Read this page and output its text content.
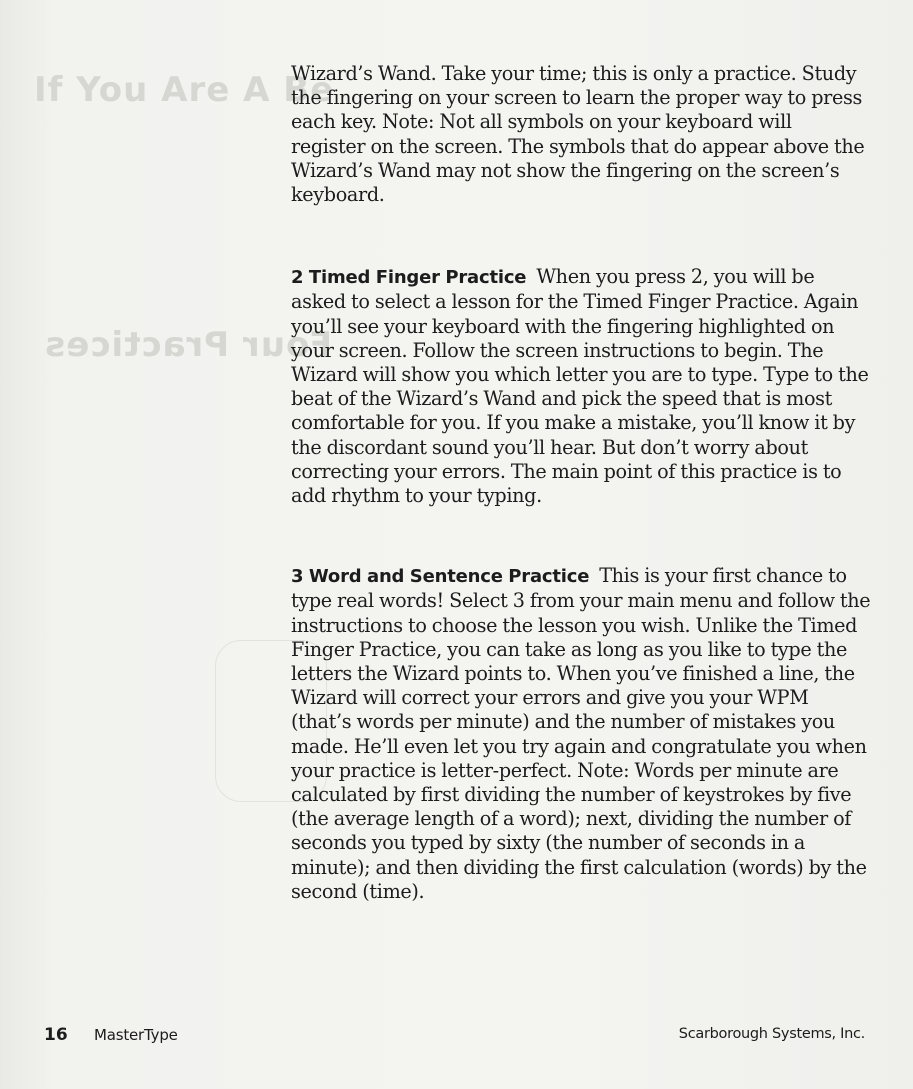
If You Are A Be
Four Practices

Wizard’s Wand. Take your time; this is only a practice. Study the fingering on your screen to learn the proper way to press each key. Note: Not all symbols on your keyboard will register on the screen. The symbols that do appear above the Wizard’s Wand may not show the fingering on the screen’s keyboard.

2 Timed Finger Practice When you press 2, you will be asked to select a lesson for the Timed Finger Practice. Again you’ll see your keyboard with the fingering highlighted on your screen. Follow the screen instructions to begin. The Wizard will show you which letter you are to type. Type to the beat of the Wizard’s Wand and pick the speed that is most comfortable for you. If you make a mistake, you’ll know it by the discordant sound you’ll hear. But don’t worry about correcting your errors. The main point of this practice is to add rhythm to your typing.

3 Word and Sentence Practice This is your first chance to type real words! Select 3 from your main menu and follow the instructions to choose the lesson you wish. Unlike the Timed Finger Practice, you can take as long as you like to type the letters the Wizard points to. When you’ve finished a line, the Wizard will correct your errors and give you your WPM (that’s words per minute) and the number of mistakes you made. He’ll even let you try again and congratulate you when your practice is letter-perfect. Note: Words per minute are calculated by first dividing the number of keystrokes by five (the average length of a word); next, dividing the number of seconds you typed by sixty (the number of seconds in a minute); and then dividing the first calculation (words) by the second (time).

16 MasterType	Scarborough Systems, Inc.
